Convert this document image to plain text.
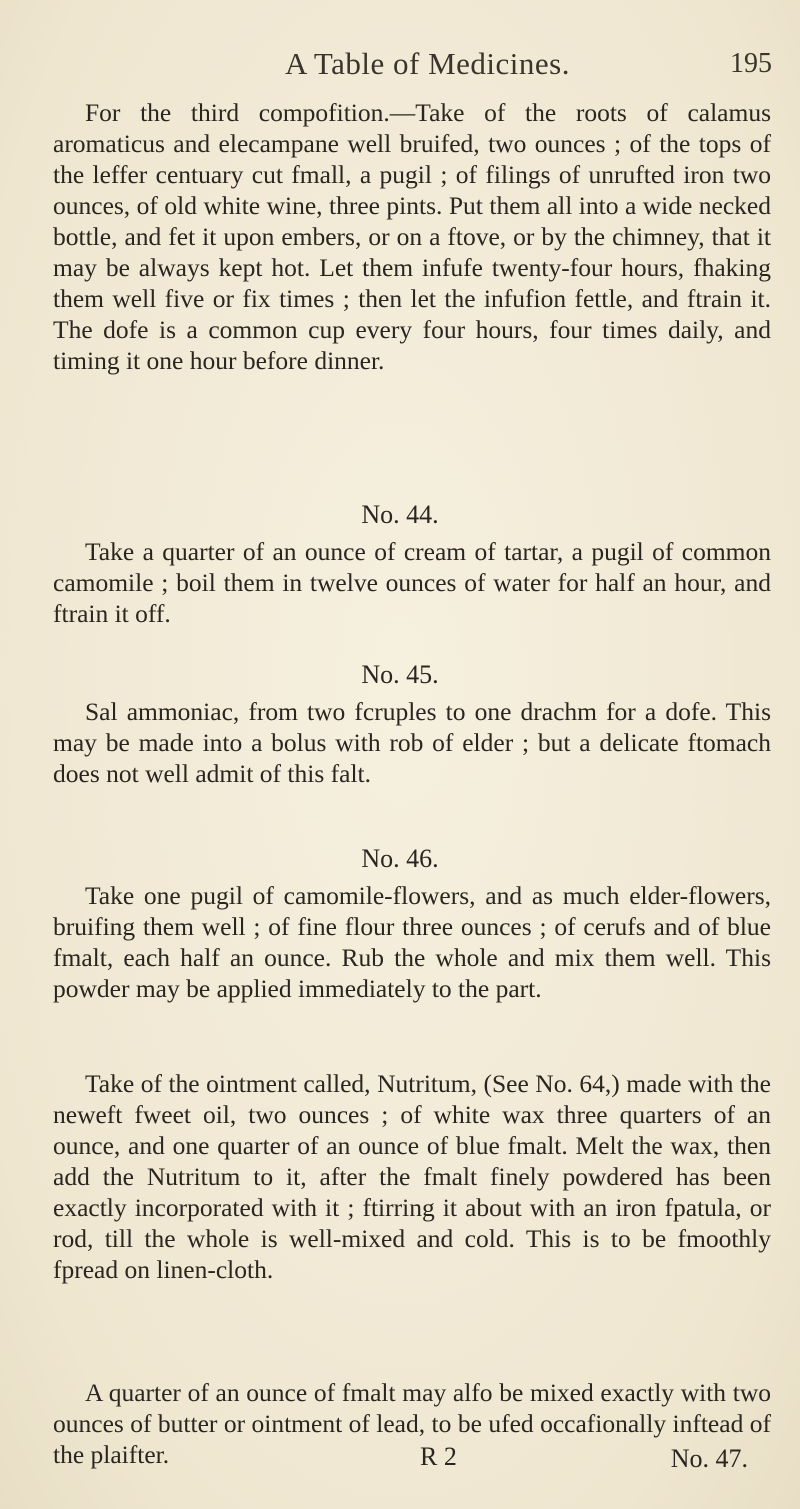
A Table of Medicines.	195

For the third compofition.—Take of the roots of calamus aromaticus and elecampane well bruifed, two ounces ; of the tops of the leffer centuary cut fmall, a pugil ; of filings of unrufted iron two ounces, of old white wine, three pints. Put them all into a wide necked bottle, and fet it upon embers, or on a ftove, or by the chimney, that it may be always kept hot. Let them infufe twenty-four hours, fhaking them well five or fix times ; then let the infufion fettle, and ftrain it. The dofe is a common cup every four hours, four times daily, and timing it one hour before dinner.

No. 44.

Take a quarter of an ounce of cream of tartar, a pugil of common camomile ; boil them in twelve ounces of water for half an hour, and ftrain it off.

No. 45.

Sal ammoniac, from two fcruples to one drachm for a dofe. This may be made into a bolus with rob of elder ; but a delicate ftomach does not well admit of this falt.

No. 46.

Take one pugil of camomile-flowers, and as much elder-flowers, bruifing them well ; of fine flour three ounces ; of cerufs and of blue fmalt, each half an ounce. Rub the whole and mix them well. This powder may be applied immediately to the part.

Take of the ointment called, Nutritum, (See No. 64,) made with the neweft fweet oil, two ounces ; of white wax three quarters of an ounce, and one quarter of an ounce of blue fmalt. Melt the wax, then add the Nutritum to it, after the fmalt finely powdered has been exactly incorporated with it ; ftirring it about with an iron fpatula, or rod, till the whole is well-mixed and cold. This is to be fmoothly fpread on linen-cloth.

A quarter of an ounce of fmalt may alfo be mixed exactly with two ounces of butter or ointment of lead, to be ufed occafionally inftead of the plaifter.	R 2	No. 47.
